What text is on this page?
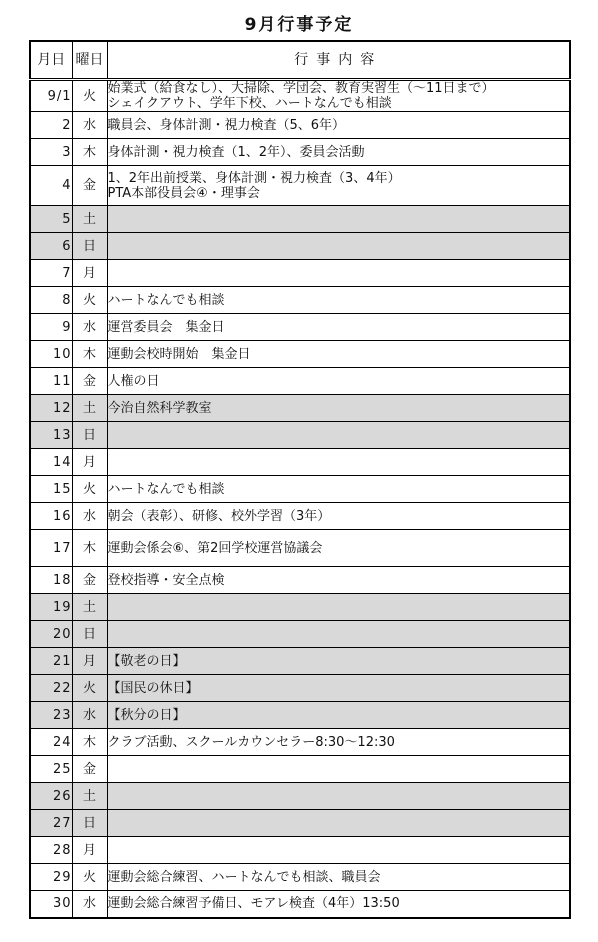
9月行事予定
月日	曜日	行事内容
9/1	火	始業式（給食なし）、大掃除、学団会、教育実習生（～11日まで）
シェイクアウト、学年下校、ハートなんでも相談

2	水	職員会、身体計測・視力検査（5、6年）

3	木	身体計測・視力検査（1、2年）、委員会活動

4	金	1、2年出前授業、身体計測・視力検査（3、4年）
PTA本部役員会④・理事会

5	土	

6	日	

7	月	

8	火	ハートなんでも相談

9	水	運営委員会　集金日

10	木	運動会校時開始　集金日

11	金	人権の日

12	土	今治自然科学教室

13	日	

14	月	

15	火	ハートなんでも相談

16	水	朝会（表彰）、研修、校外学習（3年）

17	木	運動会係会⑥、第2回学校運営協議会

18	金	登校指導・安全点検

19	土	

20	日	

21	月	【敬老の日】

22	火	【国民の休日】

23	水	【秋分の日】

24	木	クラブ活動、スクールカウンセラー8:30～12:30

25	金	

26	土	

27	日	

28	月	

29	火	運動会総合練習、ハートなんでも相談、職員会

30	水	運動会総合練習予備日、モアレ検査（4年）13:50
